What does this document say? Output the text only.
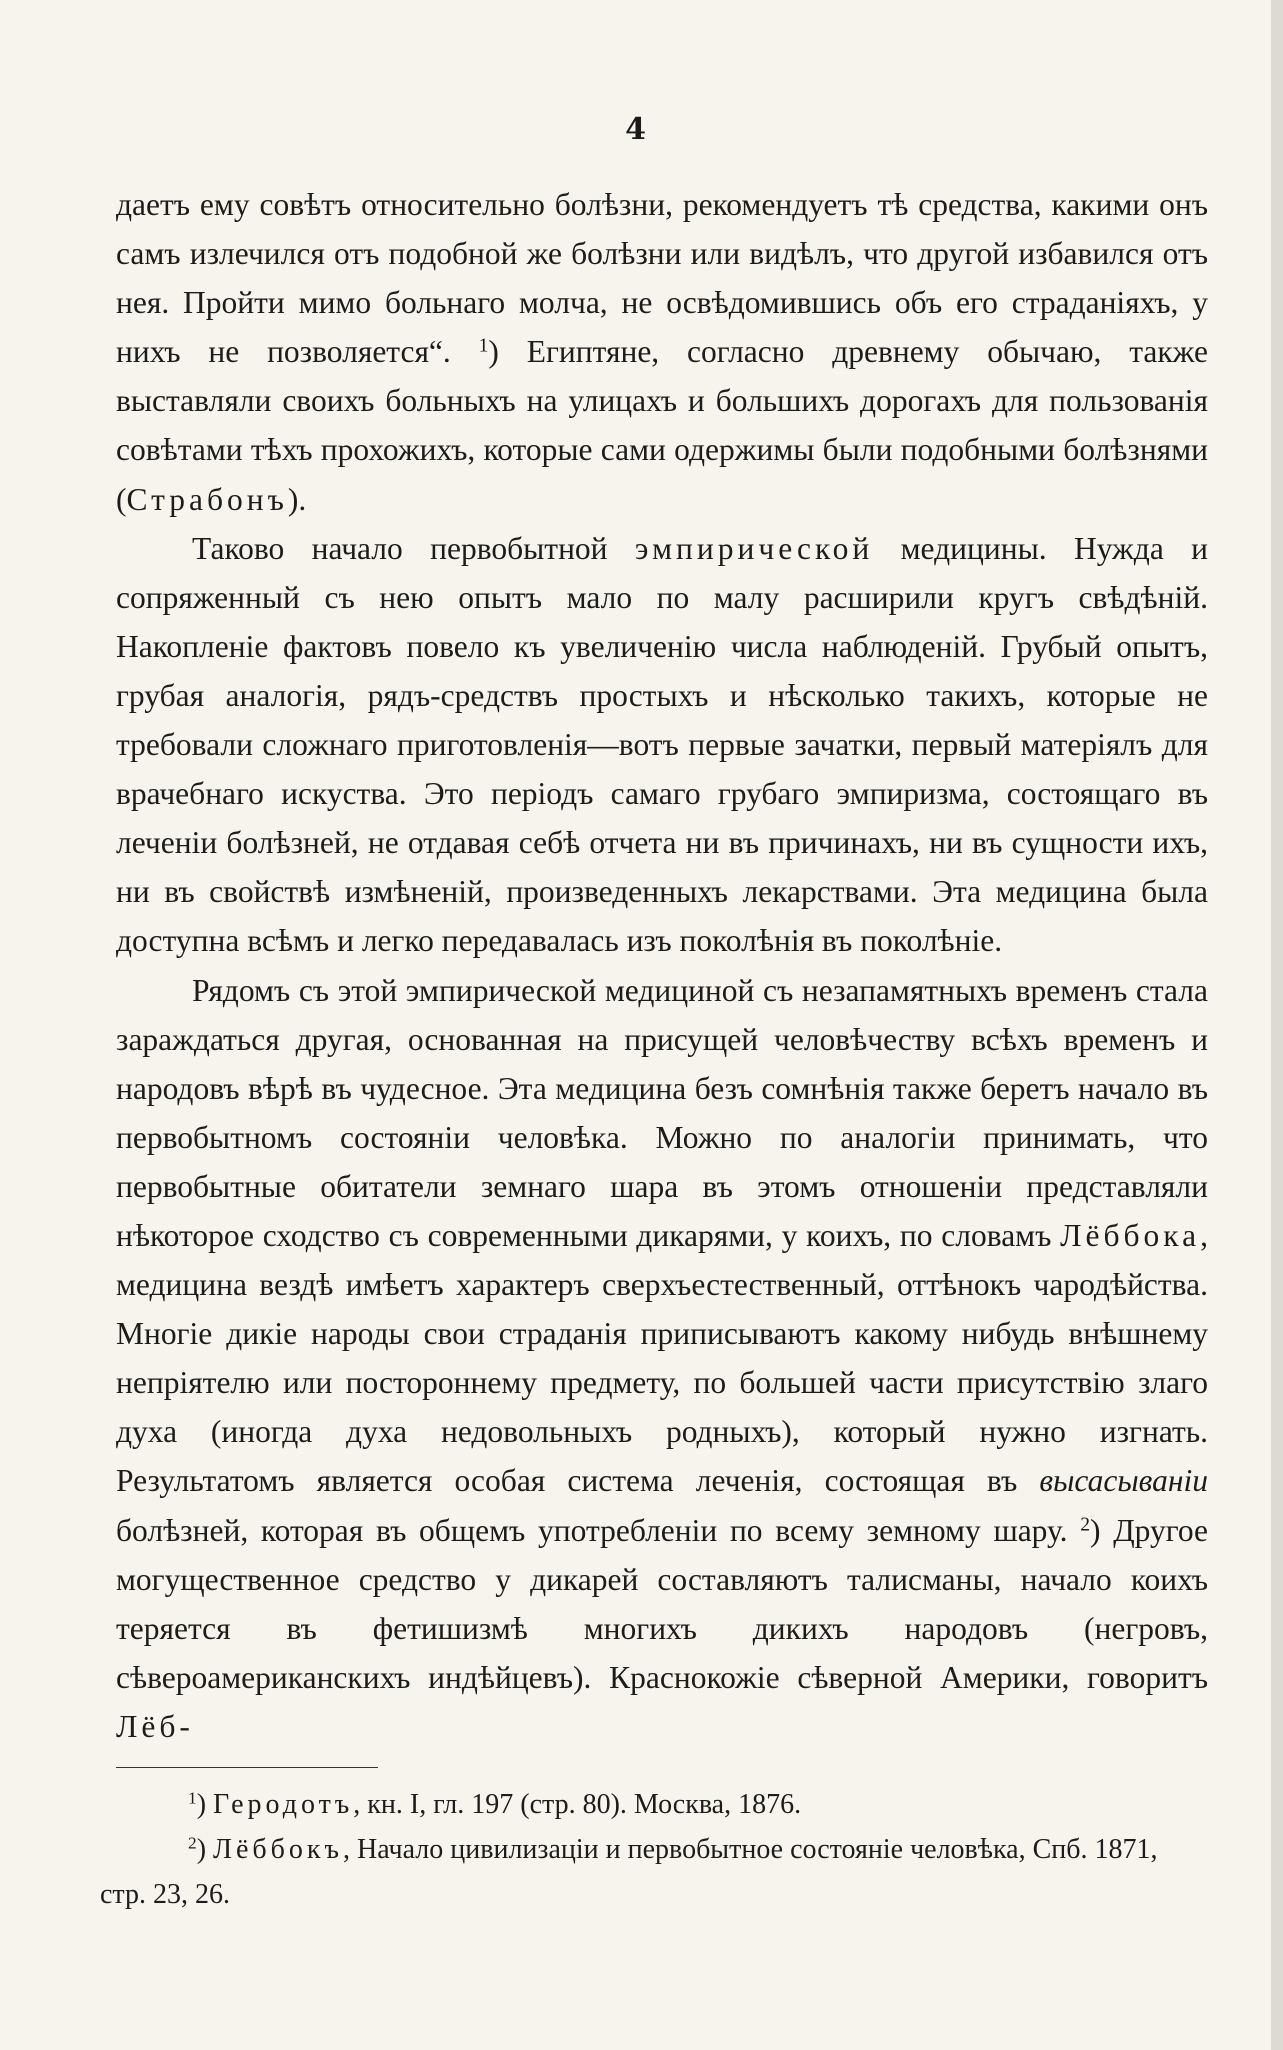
4

даетъ ему совѣтъ относительно болѣзни, рекомендуетъ тѣ средства, какими онъ самъ излечился отъ подобной же болѣзни или видѣлъ, что другой избавился отъ нея. Пройти мимо больнаго молча, не освѣдомившись объ его страданіяхъ, у нихъ не позволяется“. $^1$) Египтяне, согласно древнему обычаю, также выставляли своихъ больныхъ на улицахъ и большихъ дорогахъ для пользованія совѣтами тѣхъ прохожихъ, которые сами одержимы были подобными болѣзнями (Страбонъ).

Таково начало первобытной эмпирической медицины. Нужда и сопряженный съ нею опытъ мало по малу расширили кругъ свѣдѣній. Накопленіе фактовъ повело къ увеличенію числа наблюденій. Грубый опытъ, грубая аналогія, рядъ-средствъ простыхъ и нѣсколько такихъ, которые не требовали сложнаго приготовленія—вотъ первые зачатки, первый матеріялъ для врачебнаго искуства. Это періодъ самаго грубаго эмпиризма, состоящаго въ леченіи болѣзней, не отдавая себѣ отчета ни въ причинахъ, ни въ сущности ихъ, ни въ свойствѣ измѣненій, произведенныхъ лекарствами. Эта медицина была доступна всѣмъ и легко передавалась изъ поколѣнія въ поколѣніе.

Рядомъ съ этой эмпирической медициной съ незапамятныхъ временъ стала зараждаться другая, основанная на присущей человѣчеству всѣхъ временъ и народовъ вѣрѣ въ чудесное. Эта медицина безъ сомнѣнія также беретъ начало въ первобытномъ состояніи человѣка. Можно по аналогіи принимать, что первобытные обитатели земнаго шара въ этомъ отношеніи представляли нѣкоторое сходство съ современными дикарями, у коихъ, по словамъ Лёббока, медицина вездѣ имѣетъ характеръ сверхъестественный, оттѣнокъ чародѣйства. Многіе дикіе народы свои страданія приписываютъ какому нибудь внѣшнему непріятелю или постороннему предмету, по большей части присутствію злаго духа (иногда духа недовольныхъ родныхъ), который нужно изгнать. Результатомъ является особая система леченія, состоящая въ высасываніи болѣзней, которая въ общемъ употребленіи по всему земному шару. $^2$) Другое могущественное средство у дикарей составляютъ талисманы, начало коихъ теряется въ фетишизмѣ многихъ дикихъ народовъ (негровъ, сѣвероамериканскихъ индѣйцевъ). Краснокожіе сѣверной Америки, говоритъ Лёб-

$^1$) Геродотъ, кн. I, гл. 197 (стр. 80). Москва, 1876.

$^2$) Лёббокъ, Начало цивилизаціи и первобытное состояніе человѣка, Спб. 1871, стр. 23, 26.
